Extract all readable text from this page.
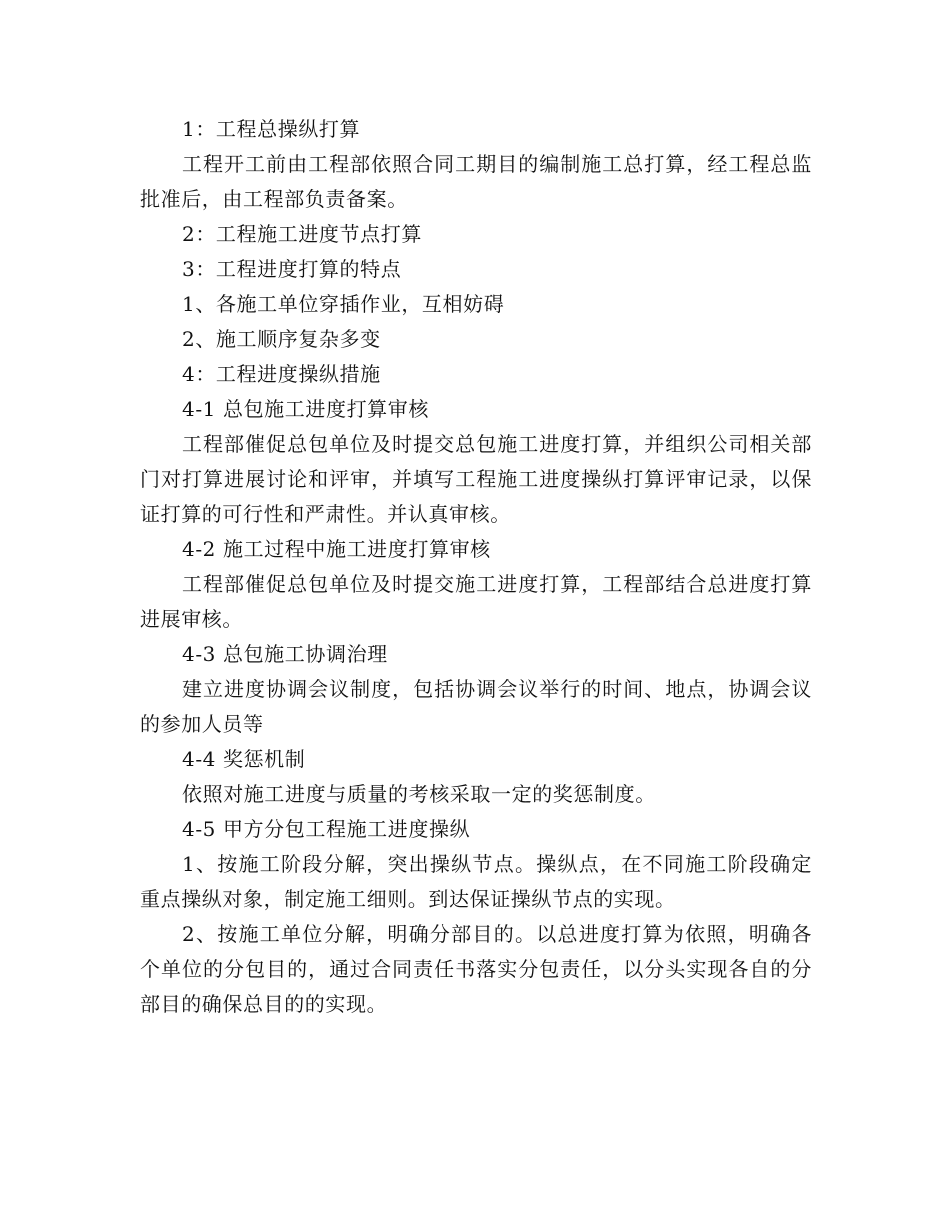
1：工程总操纵打算

工程开工前由工程部依照合同工期目的编制施工总打算，经工程总监批准后，由工程部负责备案。

2：工程施工进度节点打算

3：工程进度打算的特点

1、各施工单位穿插作业，互相妨碍

2、施工顺序复杂多变

4：工程进度操纵措施

4-1 总包施工进度打算审核

工程部催促总包单位及时提交总包施工进度打算，并组织公司相关部门对打算进展讨论和评审，并填写工程施工进度操纵打算评审记录，以保证打算的可行性和严肃性。并认真审核。

4-2 施工过程中施工进度打算审核

工程部催促总包单位及时提交施工进度打算，工程部结合总进度打算进展审核。

4-3 总包施工协调治理

建立进度协调会议制度，包括协调会议举行的时间、地点，协调会议的参加人员等

4-4 奖惩机制

依照对施工进度与质量的考核采取一定的奖惩制度。

4-5 甲方分包工程施工进度操纵

1、按施工阶段分解，突出操纵节点。操纵点，在不同施工阶段确定重点操纵对象，制定施工细则。到达保证操纵节点的实现。

2、按施工单位分解，明确分部目的。以总进度打算为依照，明确各个单位的分包目的，通过合同责任书落实分包责任，以分头实现各自的分部目的确保总目的的实现。
